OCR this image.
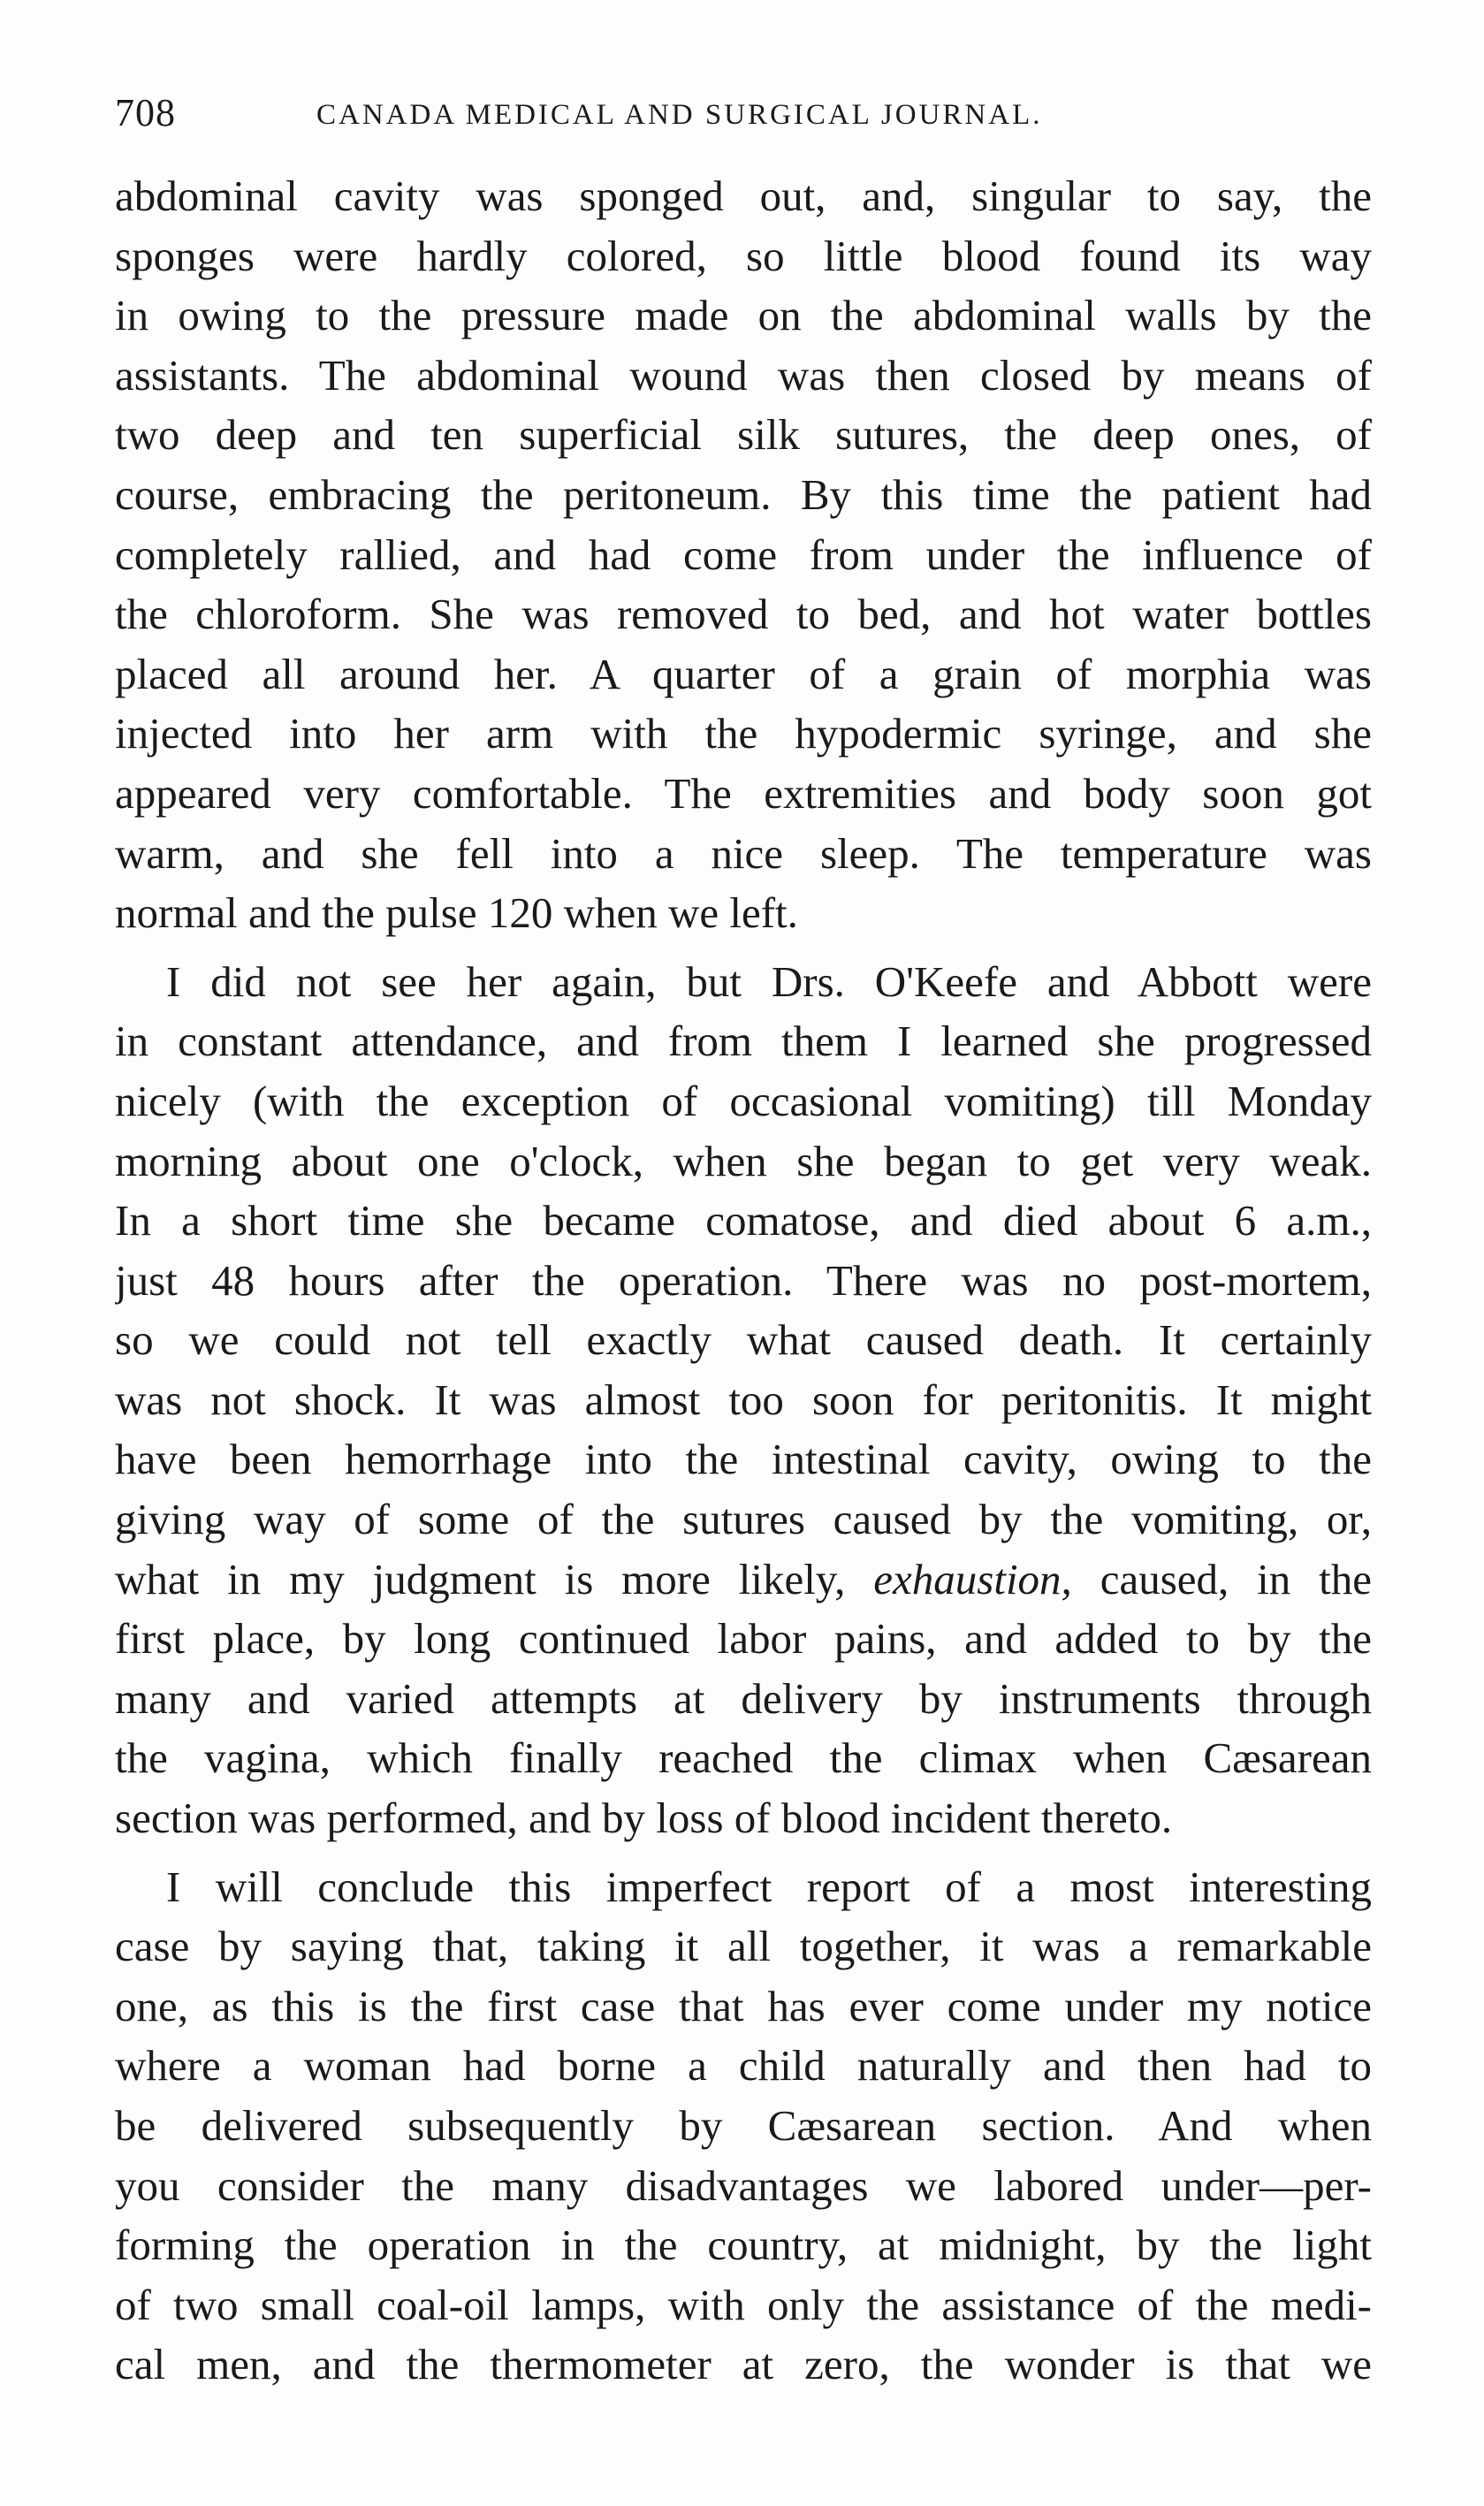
708	CANADA MEDICAL AND SURGICAL JOURNAL.
abdominal cavity was sponged out, and, singular to say, the
sponges were hardly colored, so little blood found its way
in owing to the pressure made on the abdominal walls by the
assistants. The abdominal wound was then closed by means of
two deep and ten superficial silk sutures, the deep ones, of
course, embracing the peritoneum. By this time the patient had
completely rallied, and had come from under the influence of
the chloroform. She was removed to bed, and hot water bottles
placed all around her. A quarter of a grain of morphia was
injected into her arm with the hypodermic syringe, and she
appeared very comfortable. The extremities and body soon got
warm, and she fell into a nice sleep. The temperature was
normal and the pulse 120 when we left.
I did not see her again, but Drs. O'Keefe and Abbott were
in constant attendance, and from them I learned she progressed
nicely (with the exception of occasional vomiting) till Monday
morning about one o'clock, when she began to get very weak.
In a short time she became comatose, and died about 6 a.m.,
just 48 hours after the operation. There was no post-mortem,
so we could not tell exactly what caused death. It certainly
was not shock. It was almost too soon for peritonitis. It might
have been hemorrhage into the intestinal cavity, owing to the
giving way of some of the sutures caused by the vomiting, or,
what in my judgment is more likely, exhaustion, caused, in the
first place, by long continued labor pains, and added to by the
many and varied attempts at delivery by instruments through
the vagina, which finally reached the climax when Cæsarean
section was performed, and by loss of blood incident thereto.
I will conclude this imperfect report of a most interesting
case by saying that, taking it all together, it was a remarkable
one, as this is the first case that has ever come under my notice
where a woman had borne a child naturally and then had to
be delivered subsequently by Cæsarean section. And when
you consider the many disadvantages we labored under—per-
forming the operation in the country, at midnight, by the light
of two small coal-oil lamps, with only the assistance of the medi-
cal men, and the thermometer at zero, the wonder is that we
